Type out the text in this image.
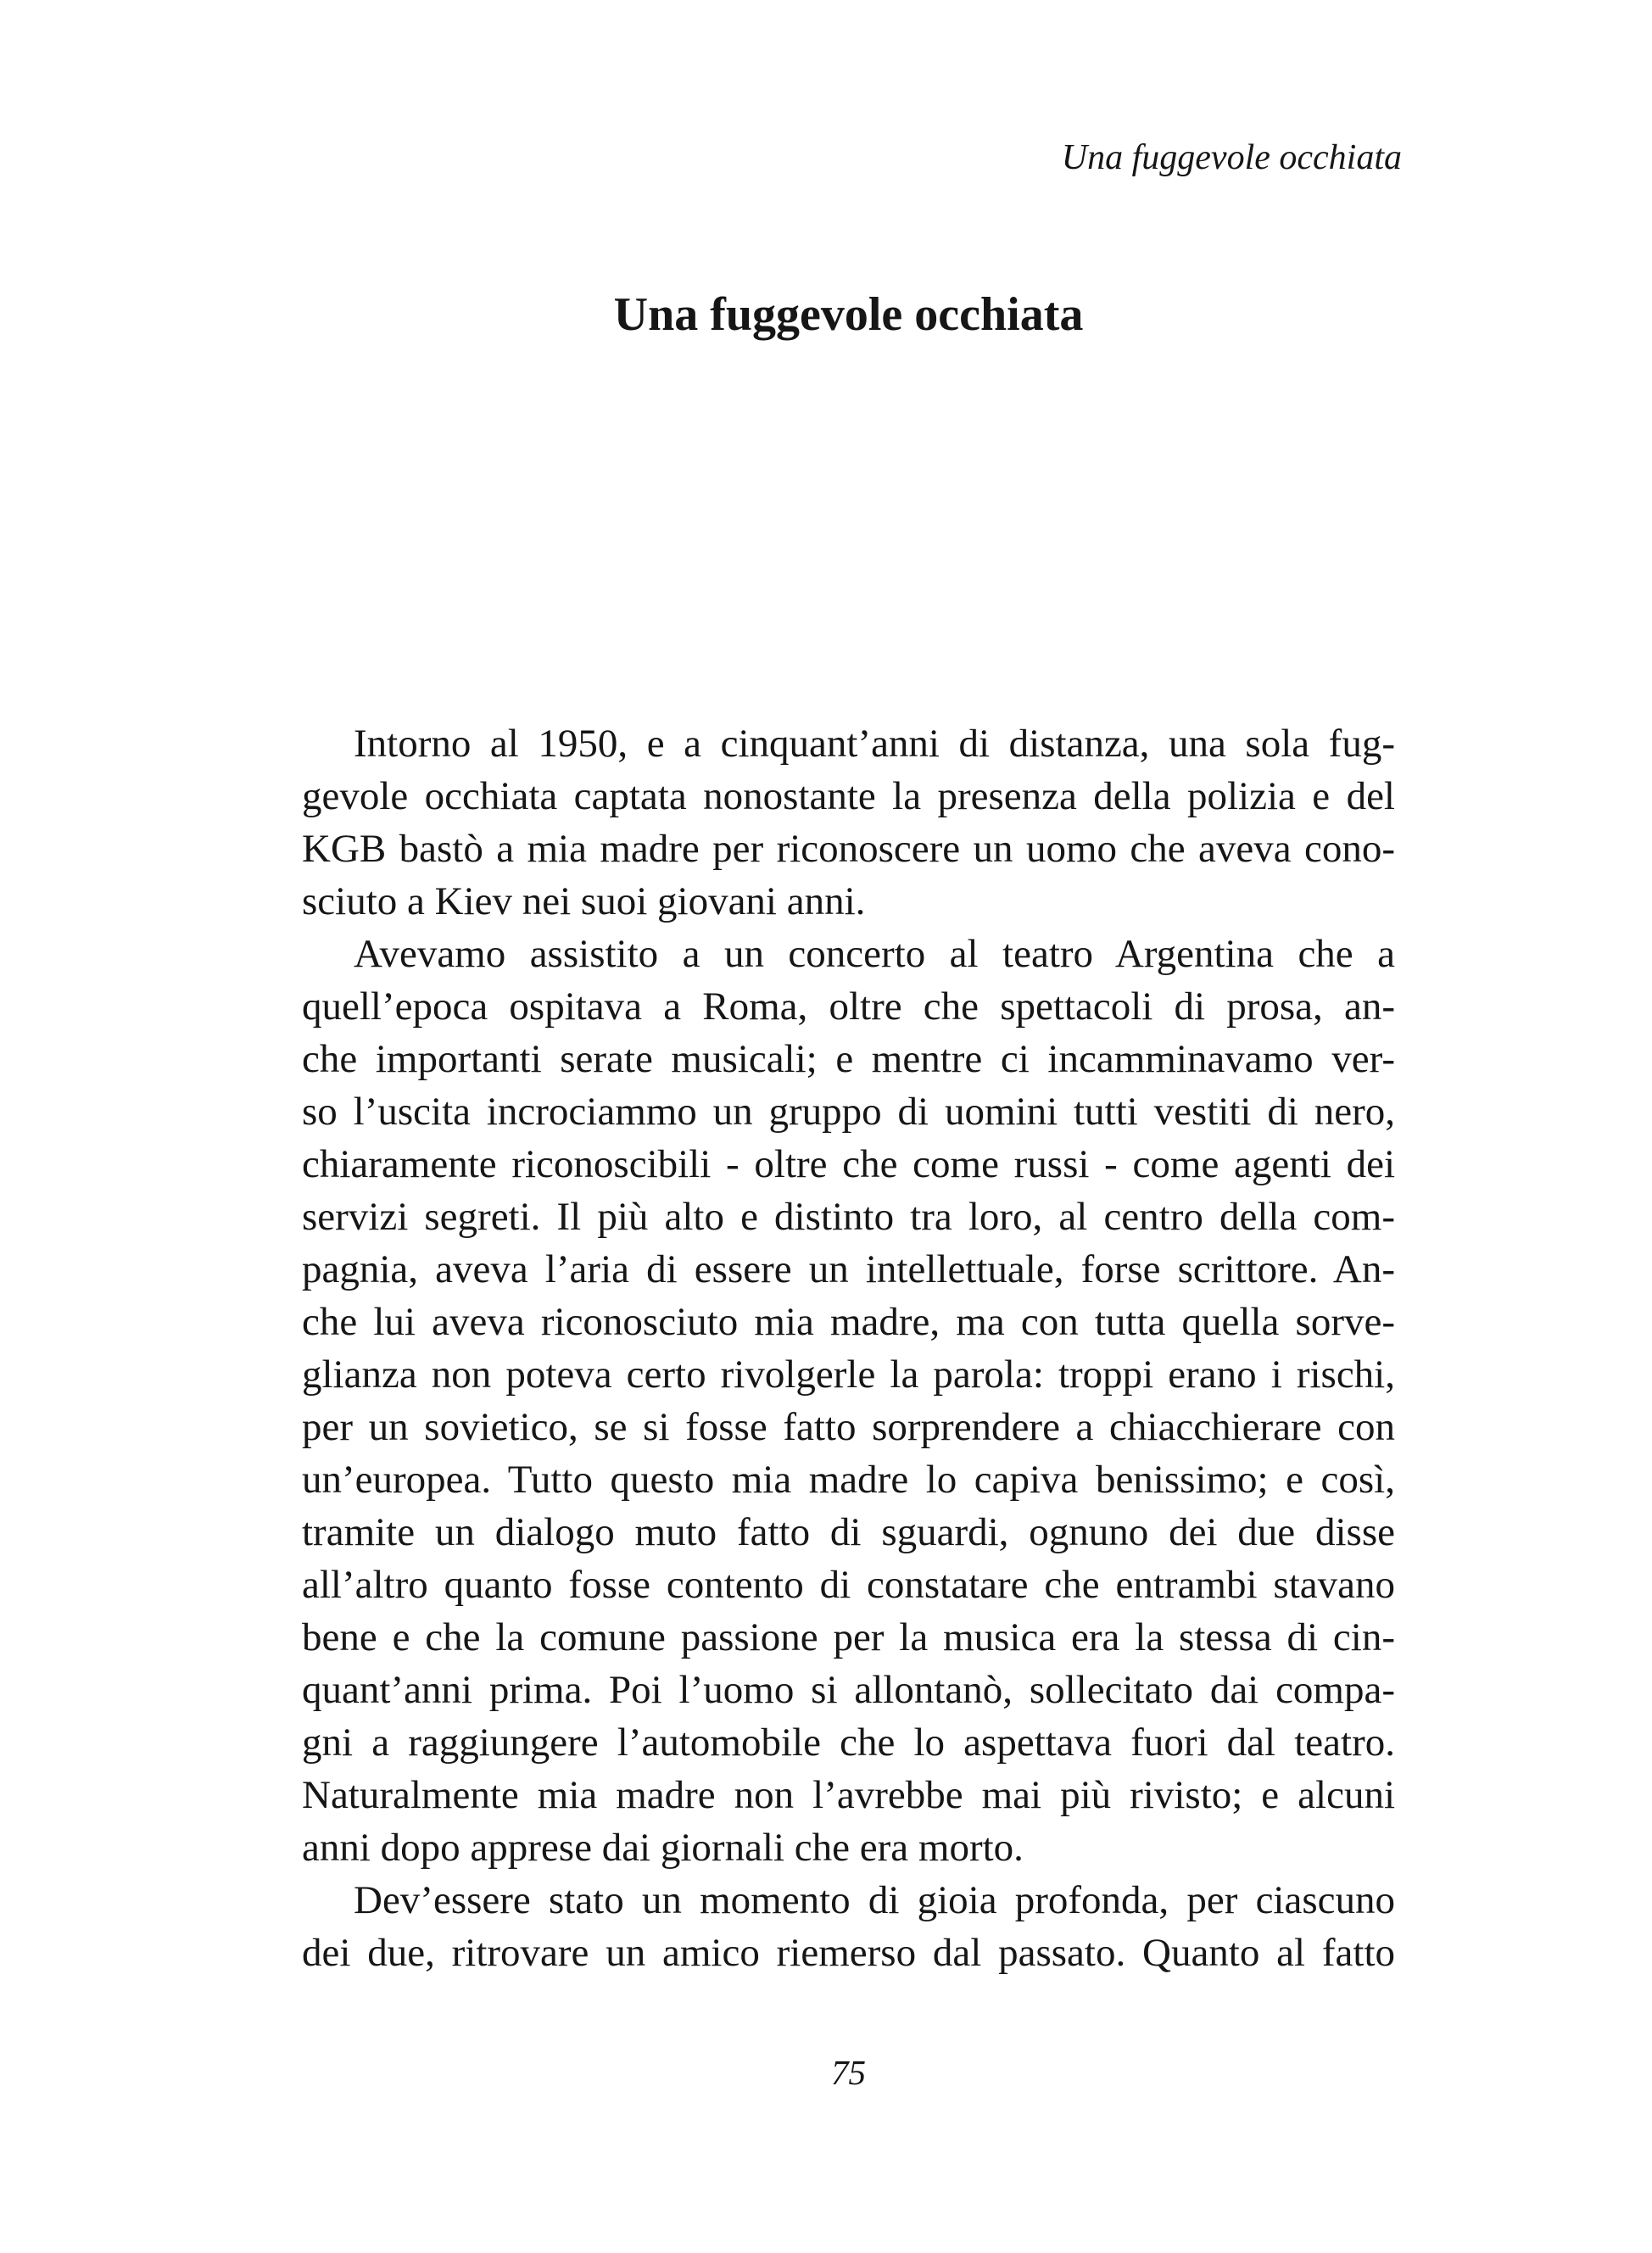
Una fuggevole occhiata
Una fuggevole occhiata
Intorno al 1950, e a cinquant’anni di distanza, una sola fug-
gevole occhiata captata nonostante la presenza della polizia e del
KGB bastò a mia madre per riconoscere un uomo che aveva cono-
sciuto a Kiev nei suoi giovani anni.
Avevamo assistito a un concerto al teatro Argentina che a
quell’epoca ospitava a Roma, oltre che spettacoli di prosa, an-
che importanti serate musicali; e mentre ci incamminavamo ver-
so l’uscita incrociammo un gruppo di uomini tutti vestiti di nero,
chiaramente riconoscibili - oltre che come russi - come agenti dei
servizi segreti. Il più alto e distinto tra loro, al centro della com-
pagnia, aveva l’aria di essere un intellettuale, forse scrittore. An-
che lui aveva riconosciuto mia madre, ma con tutta quella sorve-
glianza non poteva certo rivolgerle la parola: troppi erano i rischi,
per un sovietico, se si fosse fatto sorprendere a chiacchierare con
un’europea. Tutto questo mia madre lo capiva benissimo; e così,
tramite un dialogo muto fatto di sguardi, ognuno dei due disse
all’altro quanto fosse contento di constatare che entrambi stavano
bene e che la comune passione per la musica era la stessa di cin-
quant’anni prima. Poi l’uomo si allontanò, sollecitato dai compa-
gni a raggiungere l’automobile che lo aspettava fuori dal teatro.
Naturalmente mia madre non l’avrebbe mai più rivisto; e alcuni
anni dopo apprese dai giornali che era morto.
Dev’essere stato un momento di gioia profonda, per ciascuno
dei due, ritrovare un amico riemerso dal passato. Quanto al fatto
75
